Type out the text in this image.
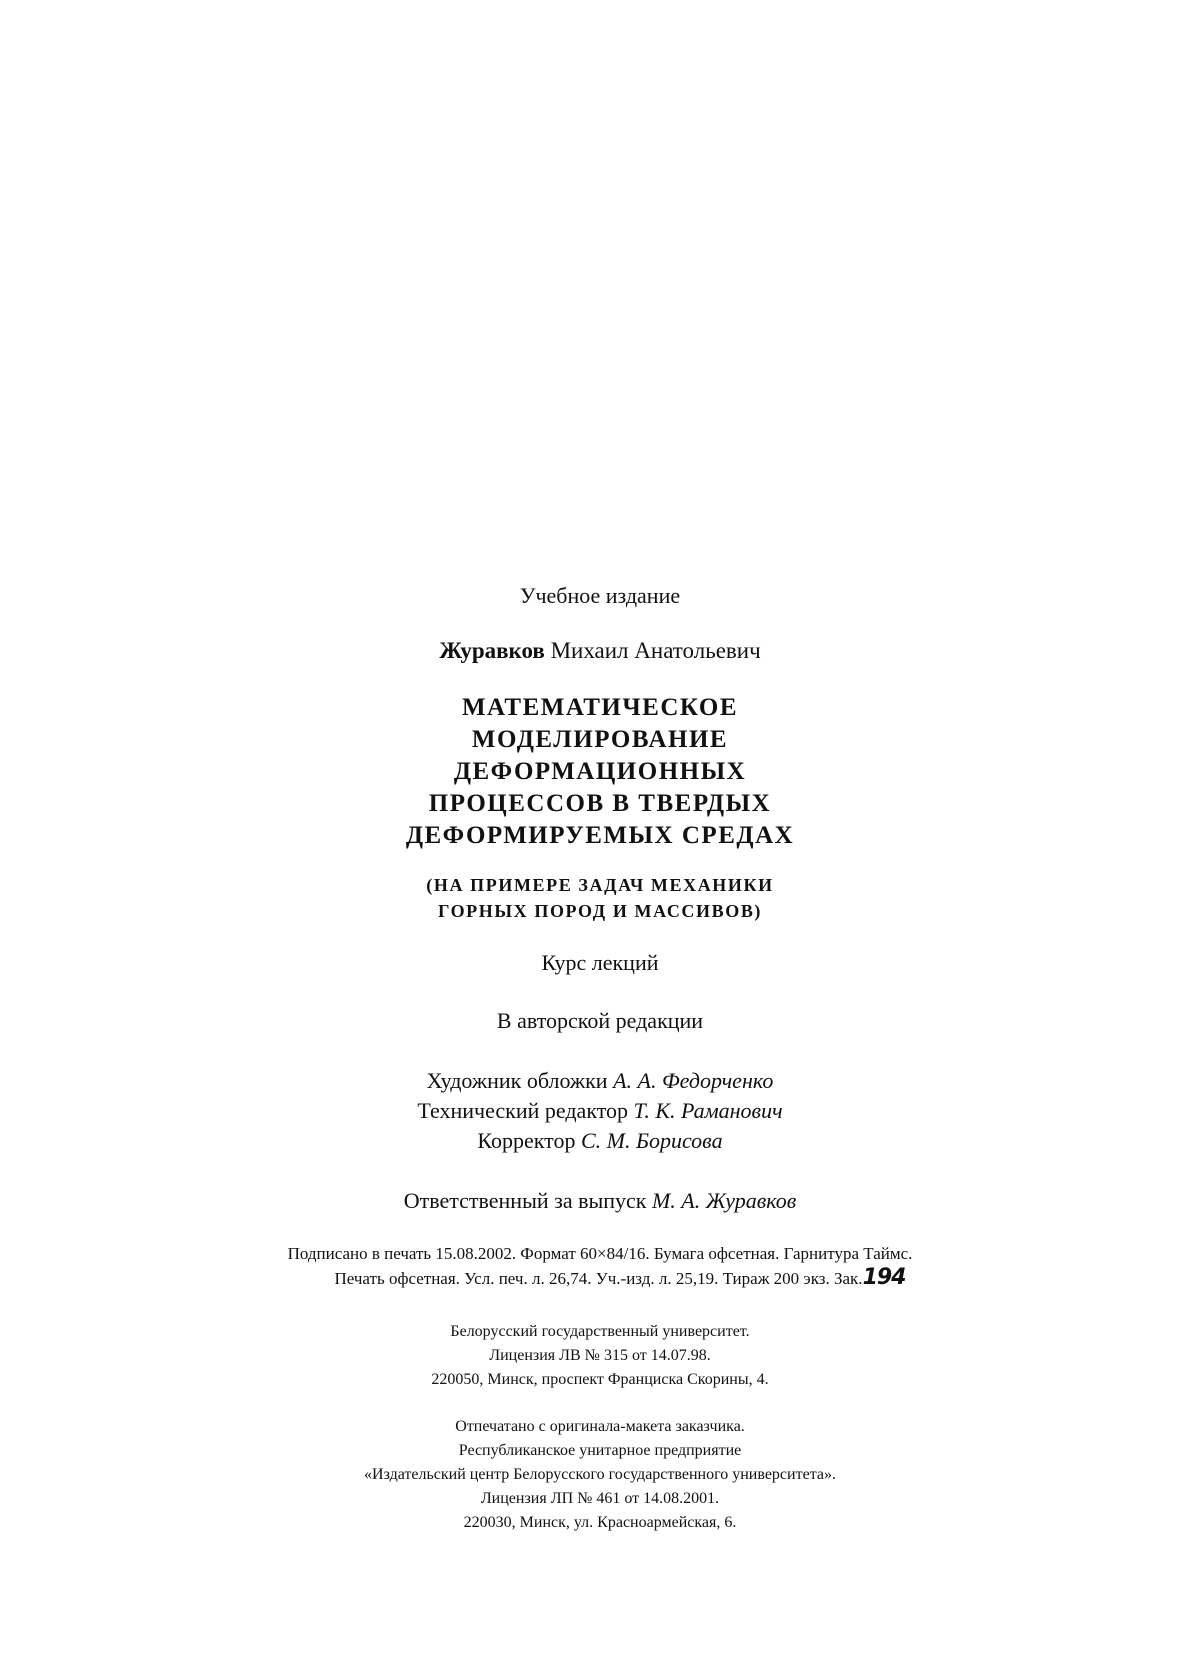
Учебное издание
Журавков Михаил Анатольевич
МАТЕМАТИЧЕСКОЕ
МОДЕЛИРОВАНИЕ
ДЕФОРМАЦИОННЫХ
ПРОЦЕССОВ В ТВЕРДЫХ
ДЕФОРМИРУЕМЫХ СРЕДАХ
(НА ПРИМЕРЕ ЗАДАЧ МЕХАНИКИ
ГОРНЫХ ПОРОД И МАССИВОВ)
Курс лекций
В авторской редакции
Художник обложки А. А. Федорченко
Технический редактор Т. К. Раманович
Корректор С. М. Борисова
Ответственный за выпуск М. А. Журавков
Подписано в печать 15.08.2002. Формат 60×84/16. Бумага офсетная. Гарнитура Таймс.
Печать офсетная. Усл. печ. л. 26,74. Уч.-изд. л. 25,19. Тираж 200 экз. Зак.194
Белорусский государственный университет.
Лицензия ЛВ № 315 от 14.07.98.
220050, Минск, проспект Франциска Скорины, 4.
Отпечатано с оригинала-макета заказчика.
Республиканское унитарное предприятие
«Издательский центр Белорусского государственного университета».
Лицензия ЛП № 461 от 14.08.2001.
220030, Минск, ул. Красноармейская, 6.
